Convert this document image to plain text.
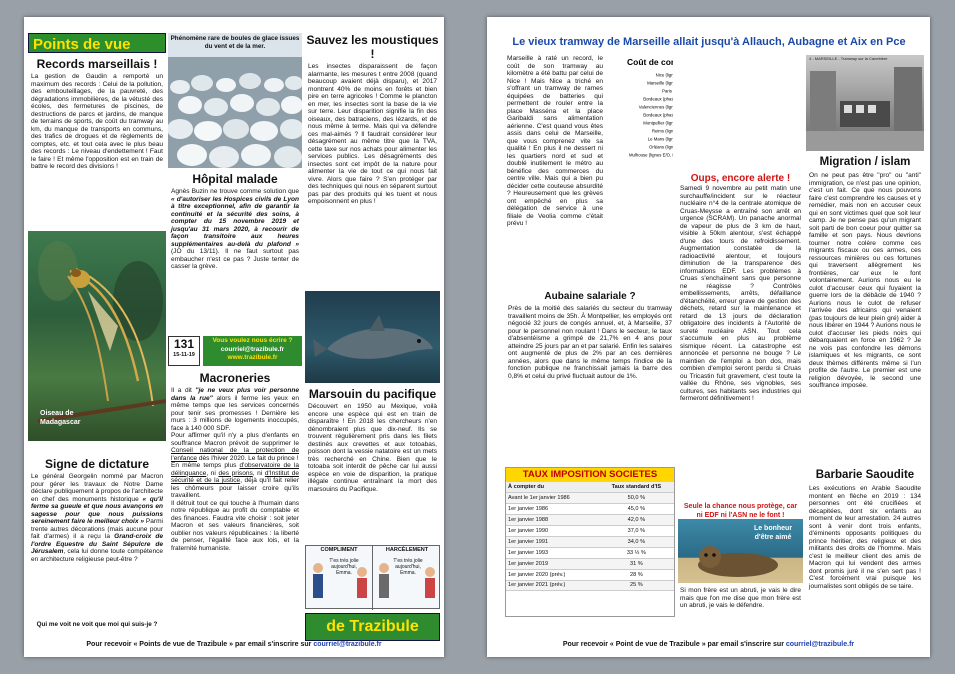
Points de vue
Records marseillais !
La gestion de Gaudin a remporté un maximum des records : Celui de la pollution, des embouteillages, de la pauvreté, des dégradations immobilières, de la vétusté des écoles, des fermetures de piscines, de destructions de parcs et jardins, de manque de terrains de sports, de coût du tramway au km, du manque de transports en communs, des trafics de drogues et de règlements de comptes, etc. et tout cela avec le plus beau des records : Le niveau d'endettement ! Faut le faire ! Et même l'opposition est en train de battre le record des divisions !
Oiseau de Madagascar
Signe de dictature
Le général Georgelin nommé par Macron pour gérer les travaux de Notre Dame déclare publiquement à propos de l'architecte en chef des monuments historique « qu'il ferme sa gueule et que nous avançons en sagesse pour que nous puissions sereinement faire le meilleur choix » Parmi trente autres décorations (mais aucune pour fait d'armes) il a reçu la Grand-croix de l'ordre Equestre du Saint Sépulcre de Jérusalem, cela lui donne toute compétence en architecture religieuse peut-être ?
Qui me voit ne voit que moi qui suis-je ?
Phénomène rare de boules de glace issues du vent et de la mer.
Hôpital malade
Agnès Buzin ne trouve comme solution que « d'autoriser les Hospices civils de Lyon à titre exceptionnel, afin de garantir la continuité et la sécurité des soins, à compter du 15 novembre 2019 et jusqu'au 31 mars 2020, à recourir de façon transitoire aux heures supplémentaires au-delà du plafond » (JO du 13/11). Il ne faut surtout pas embaucher n'est ce pas ? Juste tenter de casser la grève.
131
15-11-19
Vous voulez nous écrire ?
courriel@trazibule.fr
www.trazibule.fr
Macroneries
Il a dit "je ne veux plus voir personne dans la rue" alors il ferme les yeux en même temps que les services concernés pour tenir ses promesses ! Dernière les murs : 3 millions de logements inoccupés, face à 140 000 SDF.
Pour affirmer qu'il n'y a plus d'enfants en souffrance Macron prévoit de supprimer le Conseil national de la protection de l'enfance dès l'hiver 2020. Le fait du prince !
En même temps plus d'observatoire de la délinquance, ni des prisons, ni d'Institut de sécurité et de la justice, déjà qu'il fait relier les chômeurs pour laisser croire qu'ils travaillent.
Il détruit tout ce qui touche à l'humain dans notre république au profit du comptable et des finances. Faudra vite choisir : soit jeter Macron et ses valeurs financières, soit oublier nos valeurs républicaines : la liberté de penser, l'égalité face aux lois, et la fraternité humaniste.
Sauvez les moustiques !
Les insectes disparaissent de façon alarmante, les mesures t entre 2008 (quand beaucoup avaient déjà disparu), et 2017 montrent 40% de moins en forêts et bien pire en terre agricoles ! Comme le plancton en mer, les insectes sont la base de la vie sur terre. Leur disparition signifie la fin des oiseaux, des batraciens, des lézards, et de nous même à terme. Mais qui va défendre ces mal-aimés ? Il faudrait considérer leur désagrément au même titre que la TVA, cette taxe sur nos achats pour alimenter les services publics. Les désagréments des insectes sont cet impôt de la nature pour alimenter la vie de tout ce qui nous fait vivre. Alors que faire ? S'en protéger par des techniques qui nous en séparent surtout pas par des produits qui les tuent et nous empoisonnent en plus !
Marsouin du pacifique
Découvert en 1950 au Mexique, voilà encore une espèce qui est en train de disparaître ! En 2018 les chercheurs n'en dénombraient plus que dix-neuf. Ils se trouvent régulièrement pris dans les filets destinés aux crevettes et aux totoabas, poisson dont la vessie natatoire est un mets très recherché en Chine. Bien que le totoaba soit interdit de pêche car lui aussi espèce en voie de disparition, la pratique illégale continue entraînant la mort des marsouins du Pacifique.
COMPLIMENT
T'es très jolie aujourd'hui, Emma.
HARCÈLEMENT
T'es très jolie aujourd'hui, Emma.
de Trazibule
Pour recevoir « Points de vue de Trazibule » par email s'inscrire sur courriel@trazibule.fr
Le vieux tramway de Marseille allait jusqu'à Allauch, Aubagne et Aix en Pce
Marseille à raté un record, le coût de son tramway au kilomètre a été battu par celui de Nice ! Mais Nice a triché en s'offrant un tramway de rames équipées de batteries qui permettent de rouler entre la place Masséna et la place Garibaldi sans alimentation aérienne. C'est quand vous êtes assis dans celui de Marseille, que vous comprenez vite sa qualité ! En plus il ne dessert ni les quartiers nord et sud et doublé inutilement le métro au bénéfice des commerces du centre ville. Mais qui a bien pu décider cette couteuse absurdité ? Heureusement que les grèves ont empêché en plus sa délégation de service à une filiale de Veolia comme c'était prévu !
Coût de construction en €/km
0	10	20	30	40
Nice (ligne 1)
Marseille (ligne 1)
Paris (T3)
Bordeaux (phase 2)
Valenciennes (ligne 1)
Bordeaux (phase 1)
Montpellier (ligne 1)
Reims (ligne A)
Le Mans (ligne 1)
Orléans (ligne A)
Mulhouse (lignes E/O, N/S)
Aubaine salariale ?
Près de la moitié des salariés du secteur du tramway travaillent moins de 35h. À Montpellier, les employés ont négocié 32 jours de congés annuel, et, à Marseille, 37 pour le personnel non roulant ! Dans le secteur, le taux d'absentéisme a grimpé de 21,7% en 4 ans pour atteindre 25 jours par an et par salarié. Enfin les salaires ont augmenté de plus de 2% par an ces dernières années, alors que dans le même temps l'indice de la fonction publique ne franchissait jamais la barre des 0,8% et celui du privé fluctuait autour de 1%.
TAUX IMPOSITION SOCIETES
À compter du	Taux standard d'IS
Avant le 1er janvier 1986	50,0 %
1er janvier 1986	45,0 %
1er janvier 1988	42,0 %
1er janvier 1990	37,0 %
1er janvier 1991	34,0 %
1er janvier 1993	33 ⅓ %
1er janvier 2019	31 %
1er janvier 2020 (prév.)	28 %
1er janvier 2021 (prév.)	25 %
Oups, encore alerte !
Samedi 9 novembre au petit matin une surchauffe/incident sur le réacteur nucléaire n°4 de la centrale atomique de Cruas-Meysse a entraîné son arrêt en urgence (SCRAM). Un panache anormal de vapeur de plus de 3 km de haut, visible à 50km alentour, s'est échappé d'une des tours de refroidissement. Augmentation constatée de la radioactivité alentour, et toujours diminution de la transparence des informations EDF. Les problèmes à Cruas s'enchaînent sans que personne ne réagisse ? Contrôles embellissements, arrêts, défaillance d'étanchéité, erreur grave de gestion des déchets, retard sur la maintenance et retard de 13 jours de déclaration obligatoire des incidents à l'Autorité de sureté nucléaire ASN. Tout cela s'accumule en plus au problème sismique récent. La catastrophe est annoncée et personne ne bouge ? Le maintien de l'emploi a bon dos, mais combien d'emploi seront perdu si Cruas ou Tricastin fuit gravement, c'est toute la vallée du Rhône, ses vignobles, ses cultures, ses habitants ses industries qui fermeront définitivement !
Seule la chance nous protège, car ni EDF ni l'ASN ne le font !
Le bonheur d'être aimé
Si mon frère est un abruti, je vais le dire mais que l'on me dise que mon frère est un abruti, je vais le défendre.
4 - MARSEILLE - Tramway sur la Canebière
Migration / islam
On ne peut pas être "pro" ou "anti" immigration, ce n'est pas une opinion, c'est un fait. Ce que nous pouvons faire c'est comprendre les causes et y remédier, mais non en accuser ceux qui en sont victimes quel que soit leur camp. Je ne pense pas qu'un migrant soit parti de bon coeur pour quitter sa famille et son pays. Nous devrions tourner notre colère comme ces migrants fiscaux ou ces armes, ces ressources minières ou ces fortunes qui traversent allègrement les frontières, car eux le font volontairement. Aurions nous eu le culot d'accuser ceux qui fuyaient la guerre lors de la débâcle de 1940 ? Aurions nous le culot de refuser l'arrivée des africains qui venaient (pas toujours de leur plein gré) aider à nous libérer en 1944 ? Aurions nous le culot d'accuser les pieds noirs qui débarquaient en force en 1962 ? Je ne vois pas confondre les démons islamiques et les migrants, ce sont deux thèmes différents même si l'un profite de l'autre. Le premier est une religion dévoyée, le second une souffrance imposée.
Barbarie Saoudite
Les exécutions en Arabie Saoudite montent en flèche en 2019 : 134 personnes ont été crucifiées et décapitées, dont six enfants au moment de leur arrestation. 24 autres sont à venir dont trois enfants, d'éminents opposants politiques du prince héritier, des religieux et des militants des droits de l'homme. Mais c'est le meilleur client des amis de Macron qui lui vendent des armes dont promis juré il ne s'en sert pas ! C'est forcément vrai puisque les journalistes sont obligés de se taire.
Pour recevoir « Point de vue de Trazibule » par email s'inscrire sur courriel@trazibule.fr
